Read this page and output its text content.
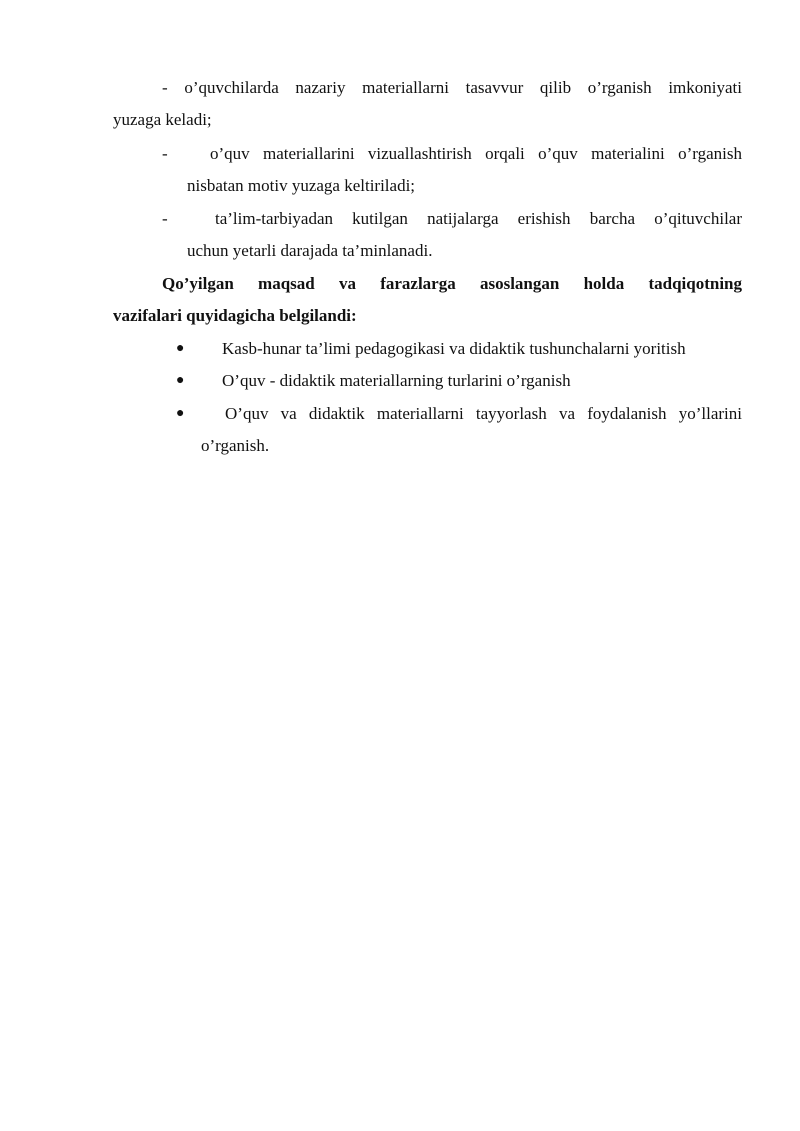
- o’quvchilarda nazariy materiallarni tasavvur qilib o’rganish imkoniyati
yuzaga keladi;
- o’quv materiallarini vizuallashtirish orqali o’quv materialini o’rganish
nisbatan motiv yuzaga keltiriladi;
-	ta’lim-tarbiyadan kutilgan natijalarga erishish barcha o’qituvchilar
uchun yetarli darajada ta’minlanadi.
Qo’yilgan maqsad va farazlarga asoslangan holda tadqiqotning
vazifalari quyidagicha belgilandi:
● Kasb-hunar ta’limi pedagogikasi va didaktik tushunchalarni yoritish
● O’quv - didaktik materiallarning turlarini o’rganish
● O’quv va didaktik materiallarni tayyorlash va foydalanish yo’llarini
o’rganish.
